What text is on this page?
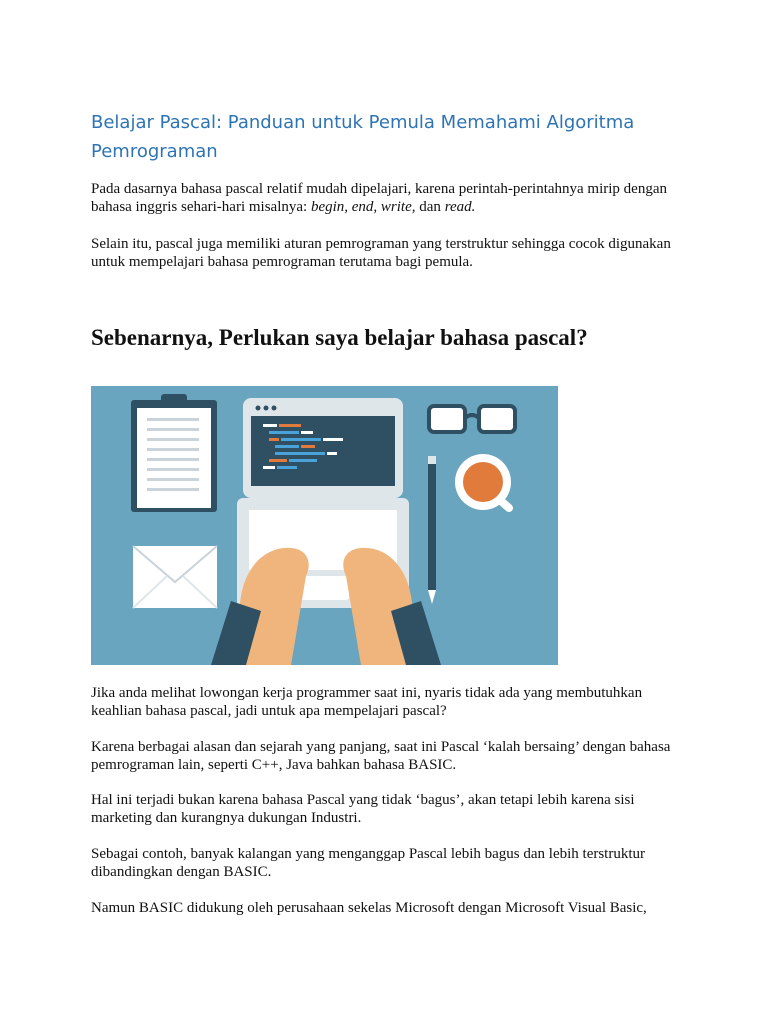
Belajar Pascal: Panduan untuk Pemula Memahami Algoritma Pemrograman

Pada dasarnya bahasa pascal relatif mudah dipelajari, karena perintah-perintahnya mirip dengan bahasa inggris sehari-hari misalnya: begin, end, write, dan read.

Selain itu, pascal juga memiliki aturan pemrograman yang terstruktur sehingga cocok digunakan untuk mempelajari bahasa pemrograman terutama bagi pemula.

Sebenarnya, Perlukan saya belajar bahasa pascal?

Jika anda melihat lowongan kerja programmer saat ini, nyaris tidak ada yang membutuhkan keahlian bahasa pascal, jadi untuk apa mempelajari pascal?

Karena berbagai alasan dan sejarah yang panjang, saat ini Pascal ‘kalah bersaing’ dengan bahasa pemrograman lain, seperti C++, Java bahkan bahasa BASIC.

Hal ini terjadi bukan karena bahasa Pascal yang tidak ‘bagus’, akan tetapi lebih karena sisi marketing dan kurangnya dukungan Industri.

Sebagai contoh, banyak kalangan yang menganggap Pascal lebih bagus dan lebih terstruktur dibandingkan dengan BASIC.

Namun BASIC didukung oleh perusahaan sekelas Microsoft dengan Microsoft Visual Basic,
